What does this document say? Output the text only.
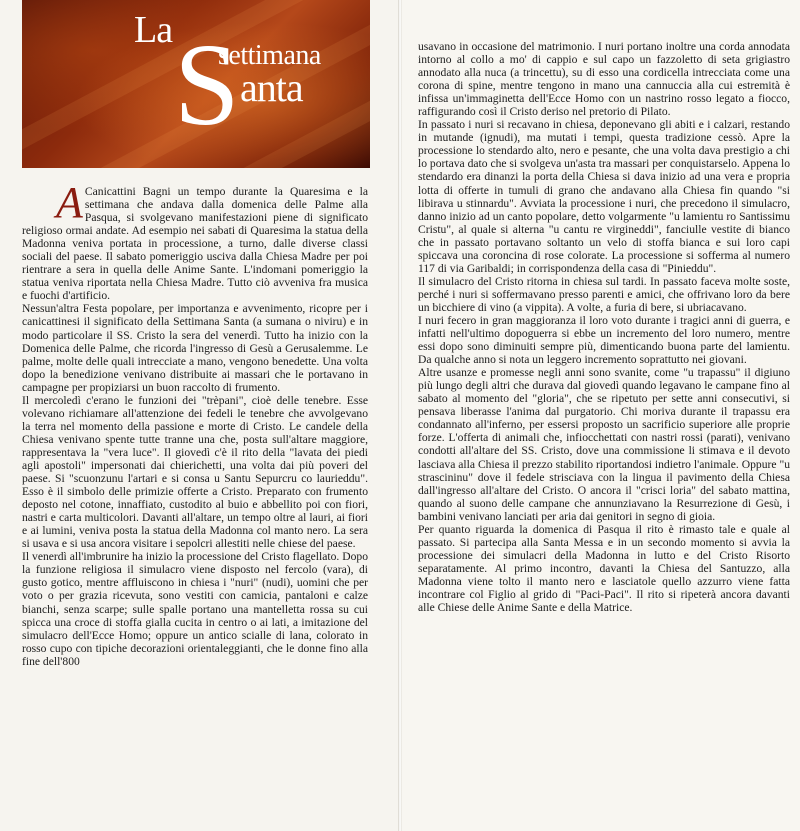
La S
settimana
anta

A Canicattini Bagni un tempo durante la Quaresima e la settimana che andava dalla domenica delle Palme alla Pasqua, si svolgevano manifestazioni piene di significato religioso ormai andate. Ad esempio nei sabati di Quaresima la statua della Madonna veniva portata in processione, a turno, dalle diverse classi sociali del paese. Il sabato pomeriggio usciva dalla Chiesa Madre per poi rientrare a sera in quella delle Anime Sante. L'indomani pomeriggio la statua veniva riportata nella Chiesa Madre. Tutto ciò avveniva fra musica e fuochi d'artificio.

Nessun'altra Festa popolare, per importanza e avvenimento, ricopre per i canicattinesi il significato della Settimana Santa (a sumana o niviru) e in modo particolare il SS. Cristo la sera del venerdì. Tutto ha inizio con la Domenica delle Palme, che ricorda l'ingresso di Gesù a Gerusalemme. Le palme, molte delle quali intrecciate a mano, vengono benedette. Una volta dopo la benedizione venivano distribuite ai massari che le portavano in campagne per propiziarsi un buon raccolto di frumento.

Il mercoledì c'erano le funzioni dei "trèpani", cioè delle tenebre. Esse volevano richiamare all'attenzione dei fedeli le tenebre che avvolgevano la terra nel momento della passione e morte di Cristo. Le candele della Chiesa venivano spente tutte tranne una che, posta sull'altare maggiore, rappresentava la "vera luce". Il giovedì c'è il rito della "lavata dei piedi agli apostoli" impersonati dai chierichetti, una volta dai più poveri del paese. Si "scuonzunu l'artari e si consa u Santu Sepurcru co laurieddu". Esso è il simbolo delle primizie offerte a Cristo. Preparato con frumento deposto nel cotone, innaffiato, custodito al buio e abbellito poi con fiori, nastri e carta multicolori. Davanti all'altare, un tempo oltre al lauri, ai fiori e ai lumini, veniva posta la statua della Madonna col manto nero. La sera si usava e si usa ancora visitare i sepolcri allestiti nelle chiese del paese.

Il venerdì all'imbrunire ha inizio la processione del Cristo flagellato. Dopo la funzione religiosa il simulacro viene disposto nel fercolo (vara), di gusto gotico, mentre affluiscono in chiesa i "nuri" (nudi), uomini che per voto o per grazia ricevuta, sono vestiti con camicia, pantaloni e calze bianchi, senza scarpe; sulle spalle portano una mantelletta rossa su cui spicca una croce di stoffa gialla cucita in centro o ai lati, a imitazione del simulacro dell'Ecce Homo; oppure un antico scialle di lana, colorato in rosso cupo con tipiche decorazioni orientaleggianti, che le donne fino alla fine dell'800

usavano in occasione del matrimonio. I nuri portano inoltre una corda annodata intorno al collo a mo' di cappio e sul capo un fazzoletto di seta grigiastro annodato alla nuca (a trincettu), su di esso una cordicella intrecciata come una corona di spine, mentre tengono in mano una cannuccia alla cui estremità è infissa un'immaginetta dell'Ecce Homo con un nastrino rosso legato a fiocco, raffigurando così il Cristo deriso nel pretorio di Pilato.

In passato i nuri si recavano in chiesa, deponevano gli abiti e i calzari, restando in mutande (ignudi), ma mutati i tempi, questa tradizione cessò. Apre la processione lo stendardo alto, nero e pesante, che una volta dava prestigio a chi lo portava dato che si svolgeva un'asta tra massari per conquistarselo. Appena lo stendardo era dinanzi la porta della Chiesa si dava inizio ad una vera e propria lotta di offerte in tumuli di grano che andavano alla Chiesa fin quando "si libirava u stinnardu". Avviata la processione i nuri, che precedono il simulacro, danno inizio ad un canto popolare, detto volgarmente "u lamientu ro Santissimu Cristu", al quale si alterna "u cantu re virgineddi", fanciulle vestite di bianco che in passato portavano soltanto un velo di stoffa bianca e sui loro capi spiccava una coroncina di rose colorate. La processione si sofferma al numero 117 di via Garibaldi; in corrispondenza della casa di "Pinieddu".

Il simulacro del Cristo ritorna in chiesa sul tardi. In passato faceva molte soste, perché i nuri si soffermavano presso parenti e amici, che offrivano loro da bere un bicchiere di vino (a vippita). A volte, a furia di bere, si ubriacavano.

I nuri fecero in gran maggioranza il loro voto durante i tragici anni di guerra, e infatti nell'ultimo dopoguerra si ebbe un incremento del loro numero, mentre essi dopo sono diminuiti sempre più, dimenticando buona parte del lamientu. Da qualche anno si nota un leggero incremento soprattutto nei giovani.

Altre usanze e promesse negli anni sono svanite, come "u trapassu" il digiuno più lungo degli altri che durava dal giovedì quando legavano le campane fino al sabato al momento del "gloria", che se ripetuto per sette anni consecutivi, si pensava liberasse l'anima dal purgatorio. Chi moriva durante il trapassu era condannato all'inferno, per essersi proposto un sacrificio superiore alle proprie forze. L'offerta di animali che, infiocchettati con nastri rossi (parati), venivano condotti all'altare del SS. Cristo, dove una commissione li stimava e il devoto lasciava alla Chiesa il prezzo stabilito riportandosi indietro l'animale. Oppure "u strascininu" dove il fedele strisciava con la lingua il pavimento della Chiesa dall'ingresso all'altare del Cristo. O ancora il "crisci loria" del sabato mattina, quando al suono delle campane che annunziavano la Resurrezione di Gesù, i bambini venivano lanciati per aria dai genitori in segno di gioia.

Per quanto riguarda la domenica di Pasqua il rito è rimasto tale e quale al passato. Si partecipa alla Santa Messa e in un secondo momento si avvia la processione dei simulacri della Madonna in lutto e del Cristo Risorto separatamente. Al primo incontro, davanti la Chiesa del Santuzzo, alla Madonna viene tolto il manto nero e lasciatole quello azzurro viene fatta incontrare col Figlio al grido di "Paci-Paci". Il rito si ripeterà ancora davanti alle Chiese delle Anime Sante e della Matrice.
